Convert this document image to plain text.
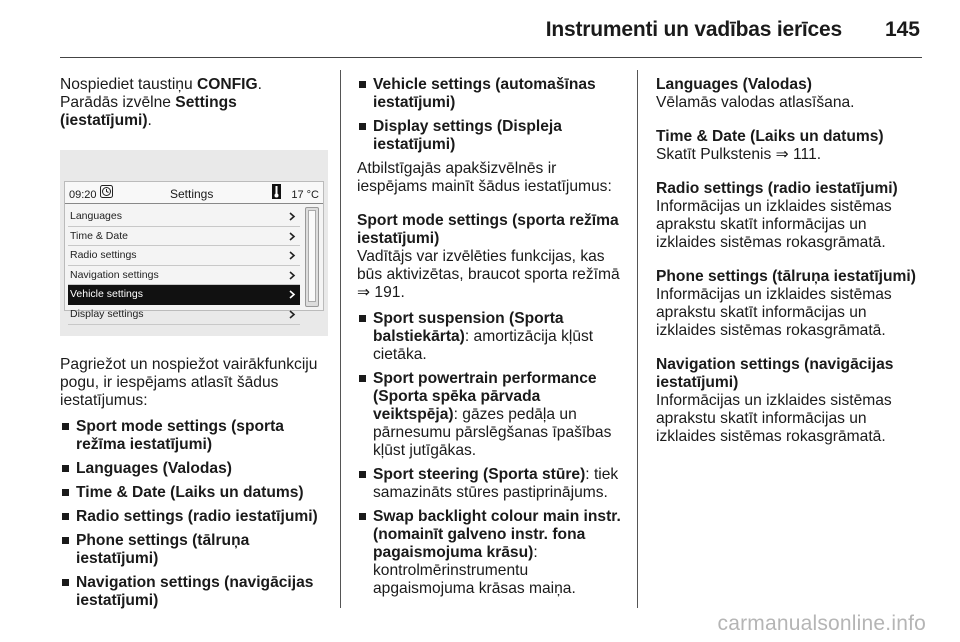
Instrumenti un vadības ierīces 145

Nospiediet taustiņu CONFIG.

Parādās izvēlne Settings (iestatījumi).

09:20	Settings	17 °C
Languages
Time & Date
Radio settings
Navigation settings
Vehicle settings
Display settings

Pagriežot un nospiežot vairākfunkciju pogu, ir iespējams atlasīt šādus iestatījumus:

Sport mode settings (sporta režīma iestatījumi)
Languages (Valodas)
Time & Date (Laiks un datums)
Radio settings (radio iestatījumi)
Phone settings (tālruņa iestatījumi)
Navigation settings (navigācijas iestatījumi)
Vehicle settings (automašīnas iestatījumi)
Display settings (Displeja iestatījumi)

Atbilstīgajās apakšizvēlnēs ir iespējams mainīt šādus iestatījumus:

Sport mode settings (sporta režīma iestatījumi)

Vadītājs var izvēlēties funkcijas, kas būs aktivizētas, braucot sporta režīmā ⇒ 191.

Sport suspension (Sporta balstiekārta): amortizācija kļūst cietāka.
Sport powertrain performance (Sporta spēka pārvada veiktspēja): gāzes pedāļa un pārnesumu pārslēgšanas īpašības kļūst jutīgākas.
Sport steering (Sporta stūre): tiek samazināts stūres pastiprinājums.
Swap backlight colour main instr. (nomainīt galveno instr. fona pagaismojuma krāsu): kontrolmērinstrumentu apgaismojuma krāsas maiņa.

Languages (Valodas)

Vēlamās valodas atlasīšana.

Time & Date (Laiks un datums)

Skatīt Pulkstenis ⇒ 111.

Radio settings (radio iestatījumi)

Informācijas un izklaides sistēmas aprakstu skatīt informācijas un izklaides sistēmas rokasgrāmatā.

Phone settings (tālruņa iestatījumi)

Informācijas un izklaides sistēmas aprakstu skatīt informācijas un izklaides sistēmas rokasgrāmatā.

Navigation settings (navigācijas iestatījumi)

Informācijas un izklaides sistēmas aprakstu skatīt informācijas un izklaides sistēmas rokasgrāmatā.

carmanualsonline.info
